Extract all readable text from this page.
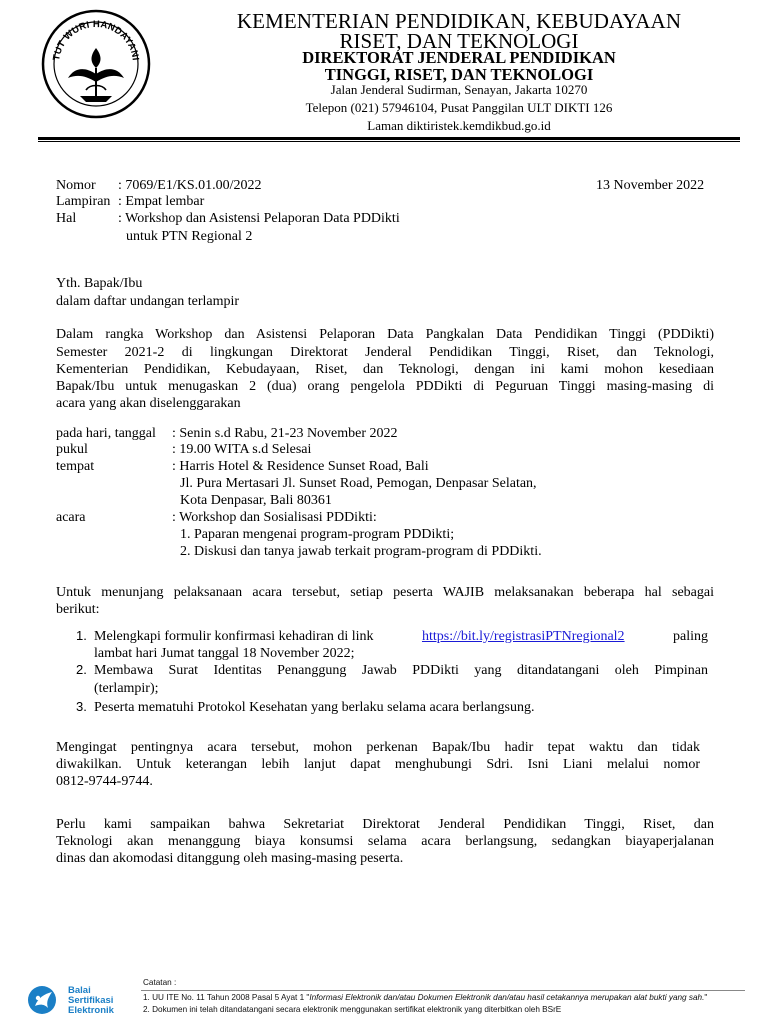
TUT WURI HANDAYANI
KEMENTERIAN PENDIDIKAN, KEBUDAYAAN
RISET, DAN TEKNOLOGI
DIREKTORAT JENDERAL PENDIDIKAN
TINGGI, RISET, DAN TEKNOLOGI
Jalan Jenderal Sudirman, Senayan, Jakarta 10270
Telepon (021) 57946104, Pusat Panggilan ULT DIKTI 126
Laman diktiristek.kemdikbud.go.id
Nomor : 7069/E1/KS.01.00/2022	13 November 2022
Lampiran : Empat lembar
Hal	: Workshop dan Asistensi Pelaporan Data PDDikti
untuk PTN Regional 2
Yth. Bapak/Ibu
dalam daftar undangan terlampir
Dalam rangka Workshop dan Asistensi Pelaporan Data Pangkalan Data Pendidikan Tinggi (PDDikti)
Semester 2021-2 di lingkungan Direktorat Jenderal Pendidikan Tinggi, Riset, dan Teknologi,
Kementerian Pendidikan, Kebudayaan, Riset, dan Teknologi, dengan ini kami mohon kesediaan
Bapak/Ibu untuk menugaskan 2 (dua) orang pengelola PDDikti di Peguruan Tinggi masing-masing di
acara yang akan diselenggarakan
pada hari, tanggal : Senin s.d Rabu, 21-23 November 2022
pukul	: 19.00 WITA s.d Selesai
tempat	: Harris Hotel & Residence Sunset Road, Bali
Jl. Pura Mertasari Jl. Sunset Road, Pemogan, Denpasar Selatan,
Kota Denpasar, Bali 80361
acara	: Workshop dan Sosialisasi PDDikti:
1. Paparan mengenai program-program PDDikti;
2. Diskusi dan tanya jawab terkait program-program di PDDikti.
Untuk menunjang pelaksanaan acara tersebut, setiap peserta WAJIB melaksanakan beberapa hal sebagai
berikut:
1. Melengkapi formulir konfirmasi kehadiran di link	https://bit.ly/registrasiPTNregional2	paling
lambat hari Jumat tanggal 18 November 2022;
2. Membawa Surat Identitas Penanggung Jawab PDDikti yang ditandatangani oleh Pimpinan
(terlampir);
3. Peserta mematuhi Protokol Kesehatan yang berlaku selama acara berlangsung.
Mengingat pentingnya acara tersebut, mohon perkenan Bapak/Ibu hadir tepat waktu dan tidak
diwakilkan. Untuk keterangan lebih lanjut dapat menghubungi Sdri. Isni Liani melalui nomor
0812-9744-9744.
Perlu kami sampaikan bahwa Sekretariat Direktorat Jenderal Pendidikan Tinggi, Riset, dan
Teknologi akan menanggung biaya konsumsi selama acara berlangsung, sedangkan biayaperjalanan
dinas dan akomodasi ditanggung oleh masing-masing peserta.
Balai
Sertifikasi
Elektronik
Catatan :
1. UU ITE No. 11 Tahun 2008 Pasal 5 Ayat 1 "Informasi Elektronik dan/atau Dokumen Elektronik dan/atau hasil cetakannya merupakan alat bukti yang sah."
2. Dokumen ini telah ditandatangani secara elektronik menggunakan sertifikat elektronik yang diterbitkan oleh BSrE
